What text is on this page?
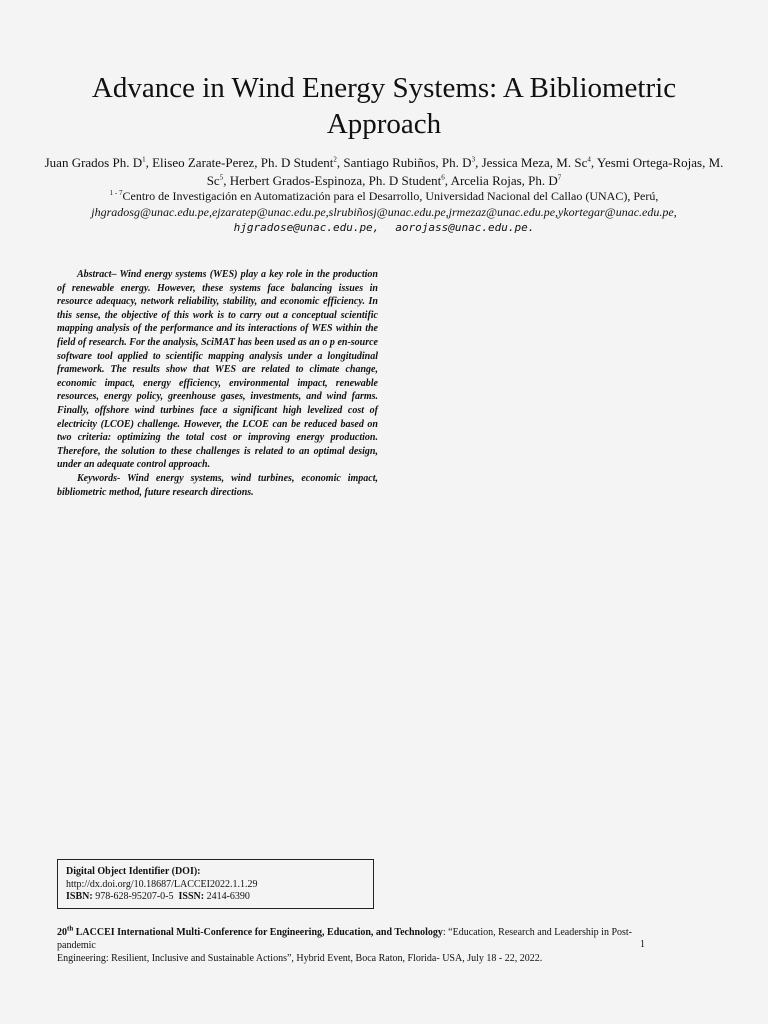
Advance in Wind Energy Systems: A Bibliometric Approach
Juan Grados Ph. $D^1$, Eliseo Zarate-Perez, Ph. D Student$^2$, Santiago Rubiños, Ph. $D^3$, Jessica Meza, M. Sc$^4$, Yesmi Ortega-Rojas, M. Sc$^5$, Herbert Grados-Espinoza, Ph. D Student$^6$, Arcelia Rojas, Ph. $D^7$
$^{1 - 7}$Centro de Investigación en Automatización para el Desarrollo, Universidad Nacional del Callao (UNAC), Perú,
jhgradosg@unac.edu.pe,ejzaratep@unac.edu.pe,slrubiñosj@unac.edu.pe,jrmezaz@unac.edu.pe,ykortegar@unac.edu.pe,
hjgradose@unac.edu.pe, aorojass@unac.edu.pe.

Abstract– Wind energy systems (WES) play a key role in the production of renewable energy. However, these systems face balancing issues in resource adequacy, network reliability, stability, and economic efficiency. In this sense, the objective of this work is to carry out a conceptual scientific mapping analysis of the performance and its interactions of WES within the field of research. For the analysis, SciMAT has been used as an o p en-source software tool applied to scientific mapping analysis under a longitudinal framework. The results show that WES are related to climate change, economic impact, energy efficiency, environmental impact, renewable resources, energy policy, greenhouse gases, investments, and wind farms. Finally, offshore wind turbines face a significant high levelized cost of electricity (LCOE) challenge. However, the LCOE can be reduced based on two criteria: optimizing the total cost or improving energy production. Therefore, the solution to these challenges is related to an optimal design, under an adequate control approach.

Keywords- Wind energy systems, wind turbines, economic impact, bibliometric method, future research directions.

Digital Object Identifier (DOI):
http://dx.doi.org/10.18687/LACCEI2022.1.1.29
ISBN: 978-628-95207-0-5 ISSN: 2414-6390
20th LACCEI International Multi-Conference for Engineering, Education, and Technology: “Education, Research and Leadership in Post-pandemic
Engineering: Resilient, Inclusive and Sustainable Actions”, Hybrid Event, Boca Raton, Florida- USA, July 18 - 22, 2022.
1
